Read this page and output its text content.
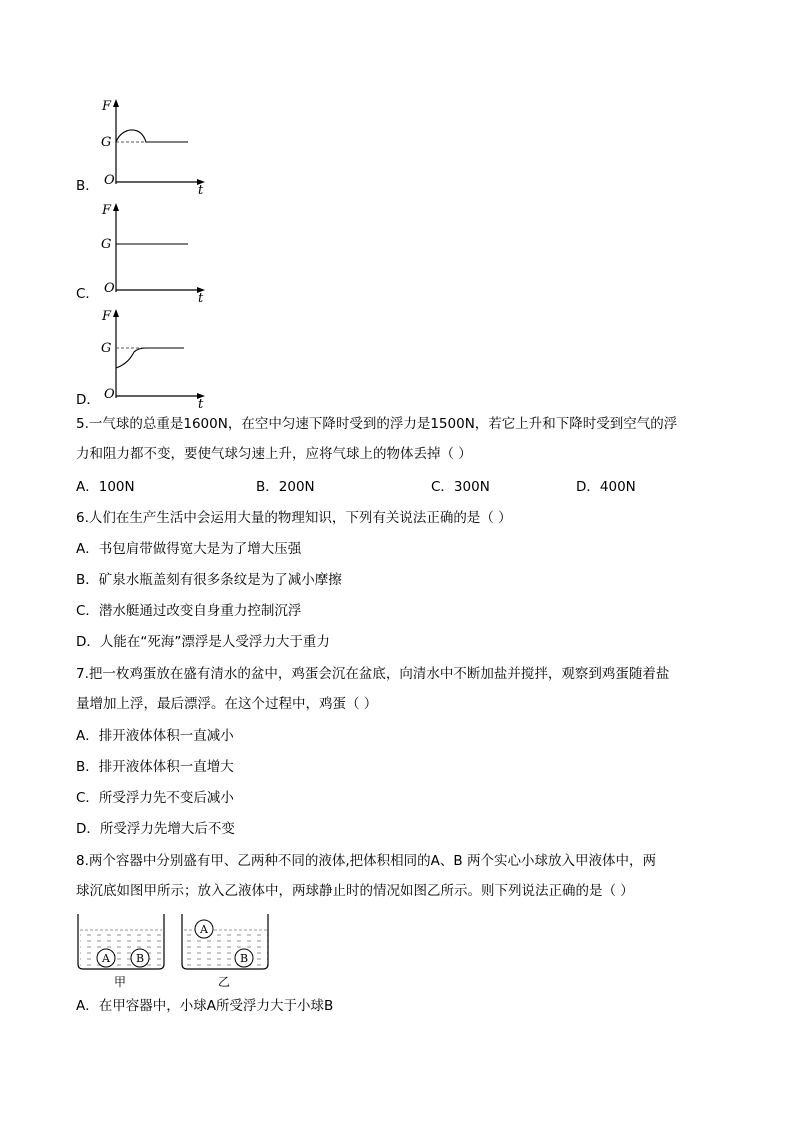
B．
F
G
O
t
C．
F
G
O
t
D．
F
G
O
t
5.一气球的总重是1600N，在空中匀速下降时受到的浮力是1500N，若它上升和下降时受到空气的浮
力和阻力都不变，要使气球匀速上升，应将气球上的物体丢掉（ ）
A．100N	B．200N	C．300N	D．400N
6.人们在生产生活中会运用大量的物理知识，下列有关说法正确的是（ ）
A．书包肩带做得宽大是为了增大压强
B．矿泉水瓶盖刻有很多条纹是为了减小摩擦
C．潜水艇通过改变自身重力控制沉浮
D．人能在“死海”漂浮是人受浮力大于重力
7.把一枚鸡蛋放在盛有清水的盆中，鸡蛋会沉在盆底，向清水中不断加盐并搅拌，观察到鸡蛋随着盐
量增加上浮，最后漂浮。在这个过程中，鸡蛋（ ）
A．排开液体体积一直减小
B．排开液体体积一直增大
C．所受浮力先不变后减小
D．所受浮力先增大后不变
8.两个容器中分别盛有甲、乙两种不同的液体,把体积相同的A、B 两个实心小球放入甲液体中，两
球沉底如图甲所示；放入乙液体中，两球静止时的情况如图乙所示。则下列说法正确的是（ ）
A B
甲
A
B
乙
A．在甲容器中，小球A所受浮力大于小球B
